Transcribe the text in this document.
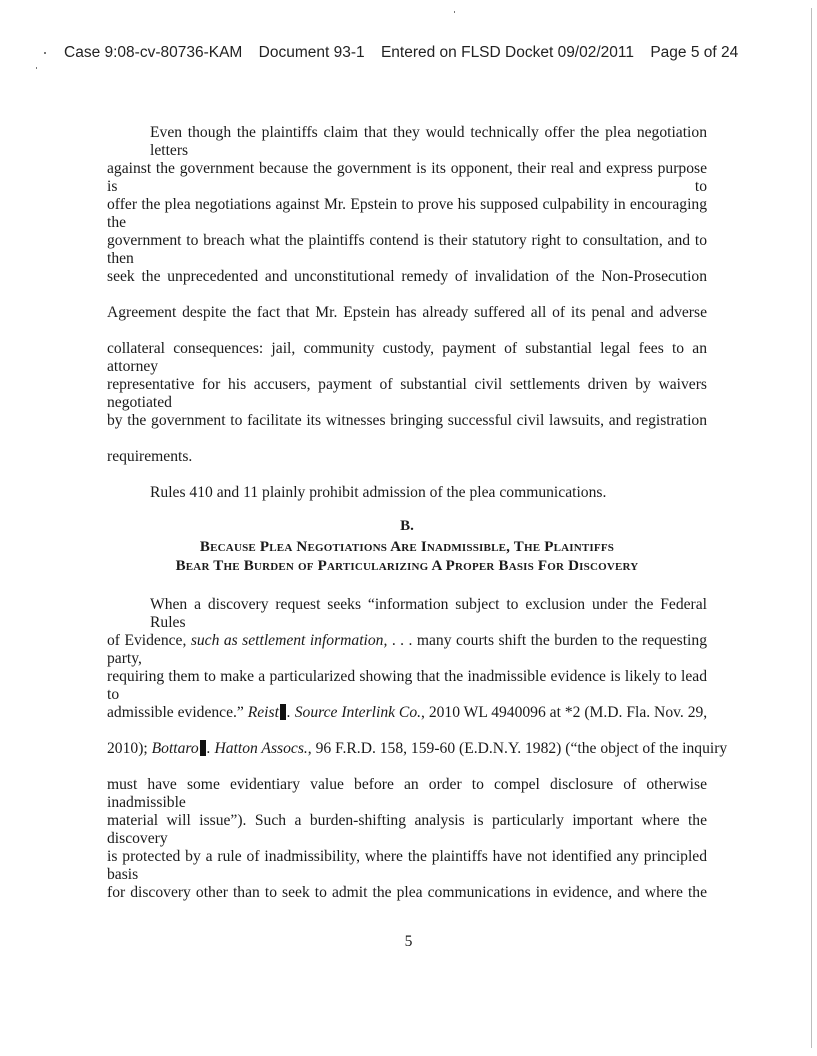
Case 9:08-cv-80736-KAM Document 93-1 Entered on FLSD Docket 09/02/2011 Page 5 of 24
Even though the plaintiffs claim that they would technically offer the plea negotiation letters
against the government because the government is its opponent, their real and express purpose is to
offer the plea negotiations against Mr. Epstein to prove his supposed culpability in encouraging the
government to breach what the plaintiffs contend is their statutory right to consultation, and to then
seek the unprecedented and unconstitutional remedy of invalidation of the Non-Prosecution
Agreement despite the fact that Mr. Epstein has already suffered all of its penal and adverse
collateral consequences: jail, community custody, payment of substantial legal fees to an attorney
representative for his accusers, payment of substantial civil settlements driven by waivers negotiated
by the government to facilitate its witnesses bringing successful civil lawsuits, and registration
requirements.
Rules 410 and 11 plainly prohibit admission of the plea communications.
B.
Because Plea Negotiations Are Inadmissible, The Plaintiffs
Bear The Burden of Particularizing A Proper Basis For Discovery
When a discovery request seeks “information subject to exclusion under the Federal Rules
of Evidence, such as settlement information, . . . many courts shift the burden to the requesting party,
requiring them to make a particularized showing that the inadmissible evidence is likely to lead to
admissible evidence.” Reist . Source Interlink Co., 2010 WL 4940096 at *2 (M.D. Fla. Nov. 29,
2010); Bottaro . Hatton Assocs., 96 F.R.D. 158, 159-60 (E.D.N.Y. 1982) (“the object of the inquiry
must have some evidentiary value before an order to compel disclosure of otherwise inadmissible
material will issue”). Such a burden-shifting analysis is particularly important where the discovery
is protected by a rule of inadmissibility, where the plaintiffs have not identified any principled basis
for discovery other than to seek to admit the plea communications in evidence, and where the
5
